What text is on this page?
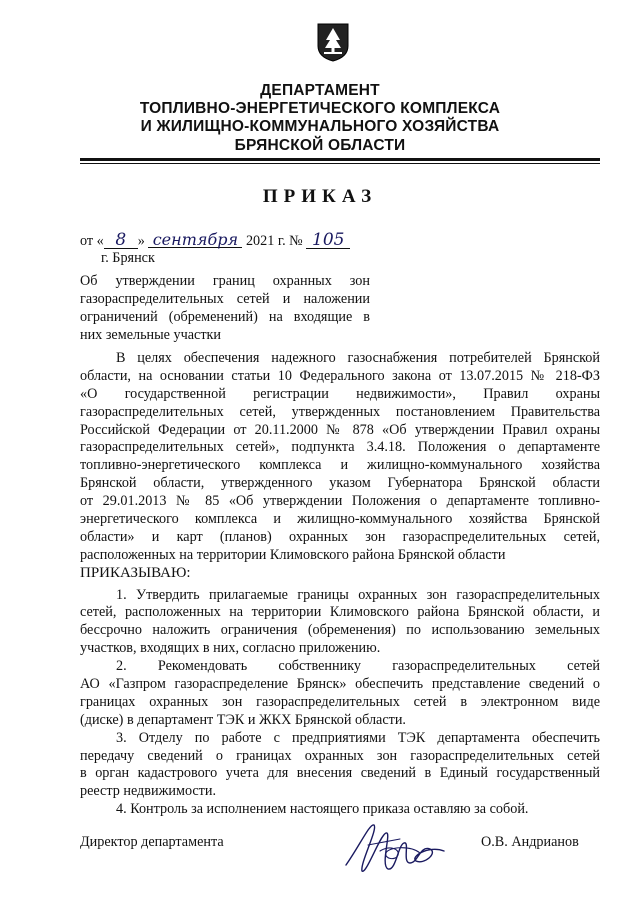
ДЕПАРТАМЕНТ
ТОПЛИВНО-ЭНЕРГЕТИЧЕСКОГО КОМПЛЕКСА
И ЖИЛИЩНО-КОММУНАЛЬНОГО ХОЗЯЙСТВА
БРЯНСКОЙ ОБЛАСТИ
ПРИКАЗ
от « 8 » сентября 2021 г. № 105
г. Брянск
Об утверждении границ охранных зон
газораспределительных сетей и наложении
ограничений (обременений) на входящие в
них земельные участки
В целях обеспечения надежного газоснабжения потребителей Брянской
области, на основании статьи 10 Федерального закона от 13.07.2015 № 218-ФЗ
«О государственной регистрации недвижимости», Правил охраны
газораспределительных сетей, утвержденных постановлением Правительства
Российской Федерации от 20.11.2000 № 878 «Об утверждении Правил охраны
газораспределительных сетей», подпункта 3.4.18. Положения о департаменте
топливно-энергетического комплекса и жилищно-коммунального хозяйства
Брянской области, утвержденного указом Губернатора Брянской области
от 29.01.2013 № 85 «Об утверждении Положения о департаменте топливно-
энергетического комплекса и жилищно-коммунального хозяйства Брянской
области» и карт (планов) охранных зон газораспределительных сетей,
расположенных на территории Климовского района Брянской области
ПРИКАЗЫВАЮ:
1. Утвердить прилагаемые границы охранных зон газораспределительных
сетей, расположенных на территории Климовского района Брянской области, и
бессрочно наложить ограничения (обременения) по использованию земельных
участков, входящих в них, согласно приложению.
2. Рекомендовать собственнику газораспределительных сетей
АО «Газпром газораспределение Брянск» обеспечить представление сведений о
границах охранных зон газораспределительных сетей в электронном виде
(диске) в департамент ТЭК и ЖКХ Брянской области.
3. Отделу по работе с предприятиями ТЭК департамента обеспечить
передачу сведений о границах охранных зон газораспределительных сетей
в орган кадастрового учета для внесения сведений в Единый государственный
реестр недвижимости.
4. Контроль за исполнением настоящего приказа оставляю за собой.
Директор департамента	О.В. Андрианов
